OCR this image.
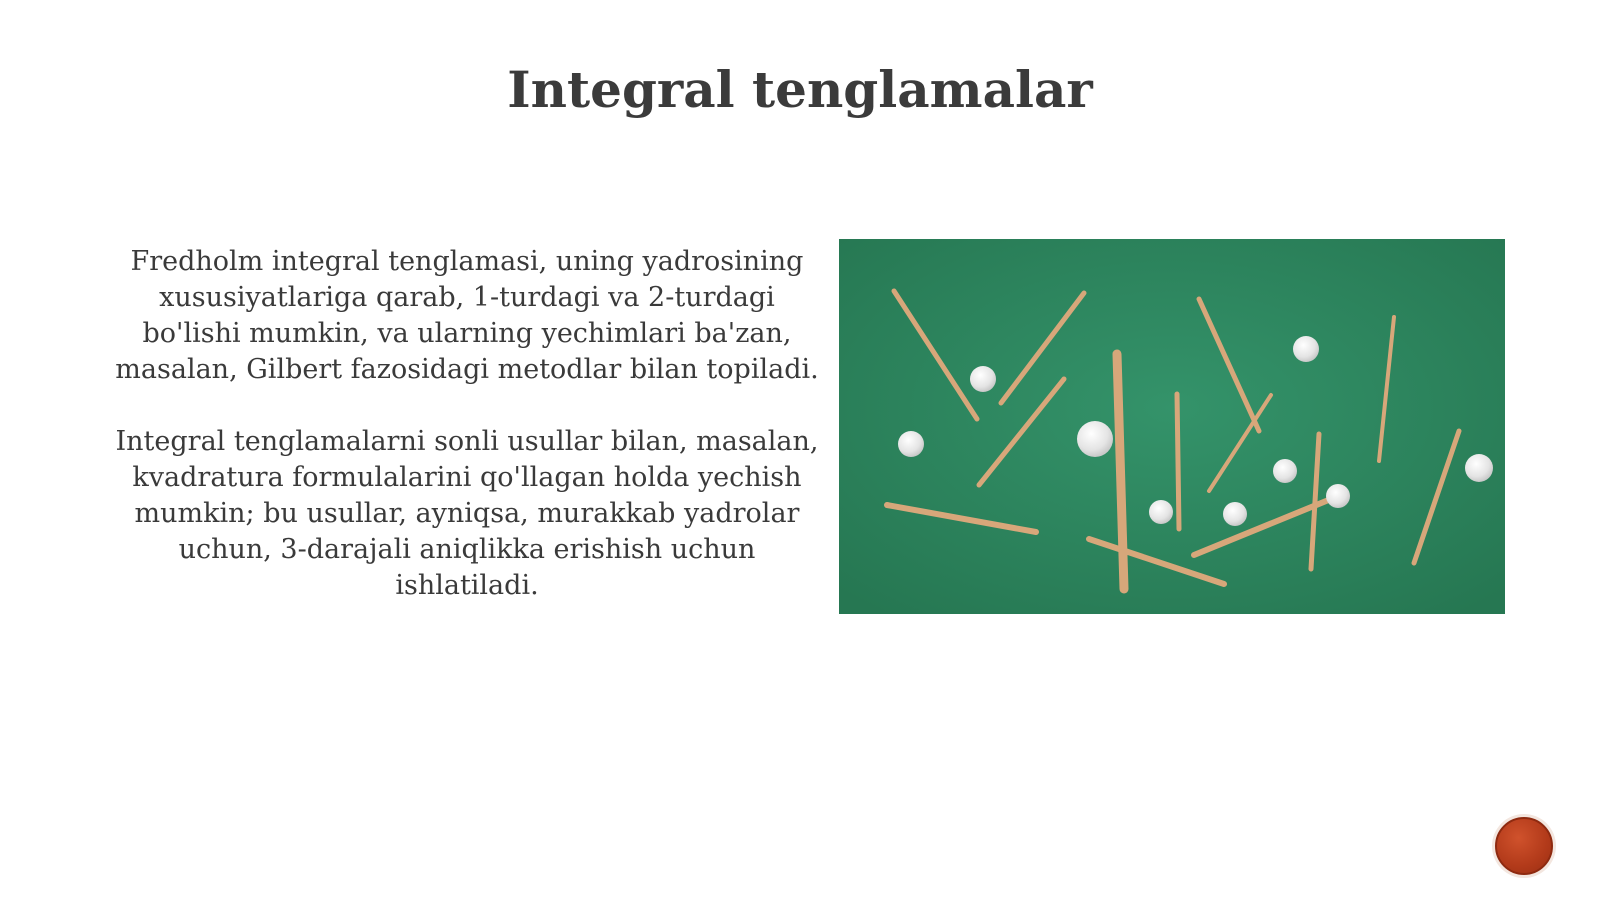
Integral tenglamalar

Fredholm integral tenglamasi, uning yadrosining xususiyatlariga qarab, 1-turdagi va 2-turdagi bo'lishi mumkin, va ularning yechimlari ba'zan, masalan, Gilbert fazosidagi metodlar bilan topiladi.

Integral tenglamalarni sonli usullar bilan, masalan, kvadratura formulalarini qo'llagan holda yechish mumkin; bu usullar, ayniqsa, murakkab yadrolar uchun, 3-darajali aniqlikka erishish uchun ishlatiladi.
